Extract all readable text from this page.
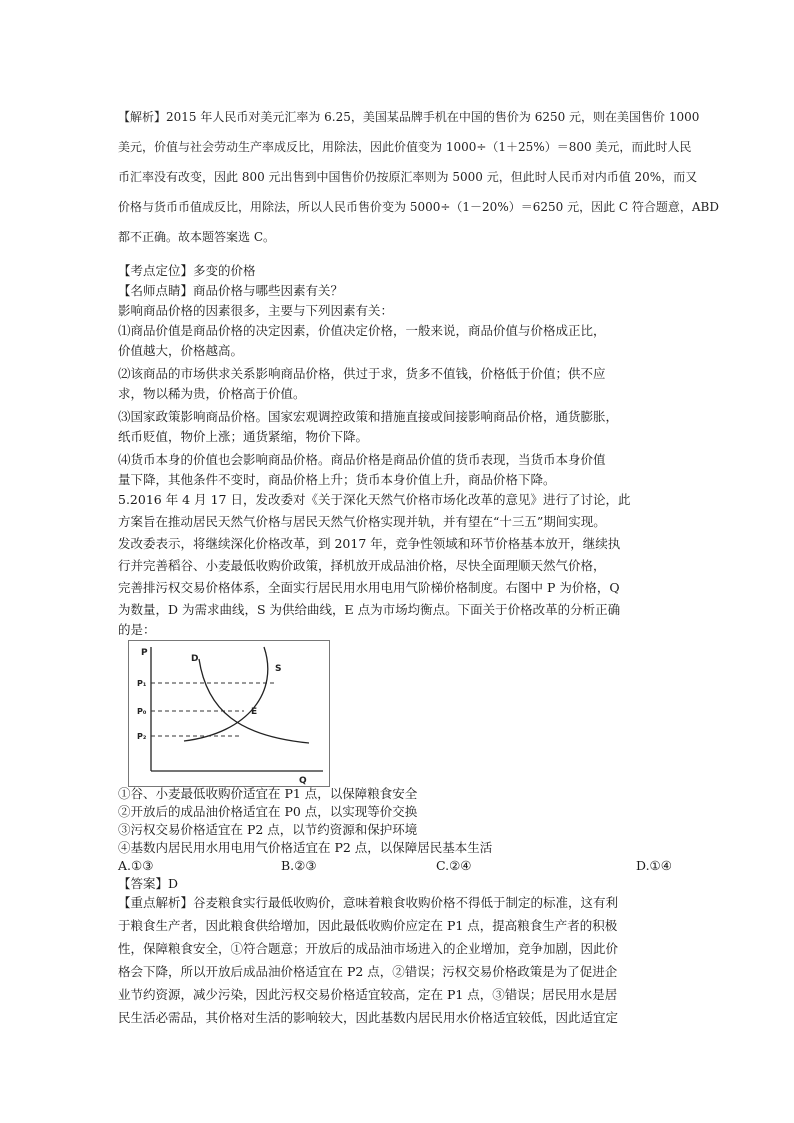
【解析】2015 年人民币对美元汇率为 6.25，美国某品牌手机在中国的售价为 6250 元，则在美国售价 1000
美元，价值与社会劳动生产率成反比，用除法，因此价值变为 1000÷（1＋25%）＝800 美元，而此时人民
币汇率没有改变，因此 800 元出售到中国售价仍按原汇率则为 5000 元，但此时人民币对内币值 20%，而又
价格与货币币值成反比，用除法，所以人民币售价变为 5000÷（1－20%）＝6250 元，因此 C 符合题意，ABD
都不正确。故本题答案选 C。
【考点定位】多变的价格
【名师点睛】商品价格与哪些因素有关？
影响商品价格的因素很多，主要与下列因素有关：
⑴商品价值是商品价格的决定因素，价值决定价格，一般来说，商品价值与价格成正比，
价值越大，价格越高。
⑵该商品的市场供求关系影响商品价格，供过于求，货多不值钱，价格低于价值；供不应
求，物以稀为贵，价格高于价值。
⑶国家政策影响商品价格。国家宏观调控政策和措施直接或间接影响商品价格，通货膨胀，
纸币贬值，物价上涨；通货紧缩，物价下降。
⑷货币本身的价值也会影响商品价格。商品价格是商品价值的货币表现，当货币本身价值
量下降，其他条件不变时，商品价格上升；货币本身价值上升，商品价格下降。
5.2016 年 4 月 17 日，发改委对《关于深化天然气价格市场化改革的意见》进行了讨论，此
方案旨在推动居民天然气价格与居民天然气价格实现并轨，并有望在“十三五”期间实现。
发改委表示，将继续深化价格改革，到 2017 年，竞争性领域和环节价格基本放开，继续执
行并完善稻谷、小麦最低收购价政策，择机放开成品油价格，尽快全面理顺天然气价格，
完善排污权交易价格体系，全面实行居民用水用电用气阶梯价格制度。右图中 P 为价格，Q
为数量，D 为需求曲线，S 为供给曲线，E 点为市场均衡点。下面关于价格改革的分析正确
的是：
P
Q
D
S
E
P₁
P₀
P₂
①谷、小麦最低收购价适宜在 P1 点，以保障粮食安全
②开放后的成品油价格适宜在 P0 点，以实现等价交换
③污权交易价格适宜在 P2 点，以节约资源和保护环境
④基数内居民用水用电用气价格适宜在 P2 点，以保障居民基本生活
A.①③	B.②③	C.②④	D.①④
【答案】D
【重点解析】谷麦粮食实行最低收购价，意味着粮食收购价格不得低于制定的标准，这有利
于粮食生产者，因此粮食供给增加，因此最低收购价应定在 P1 点，提高粮食生产者的积极
性，保障粮食安全，①符合题意；开放后的成品油市场进入的企业增加，竞争加剧，因此价
格会下降，所以开放后成品油价格适宜在 P2 点，②错误；污权交易价格政策是为了促进企
业节约资源，减少污染，因此污权交易价格适宜较高，定在 P1 点，③错误；居民用水是居
民生活必需品，其价格对生活的影响较大，因此基数内居民用水价格适宜较低，因此适宜定
